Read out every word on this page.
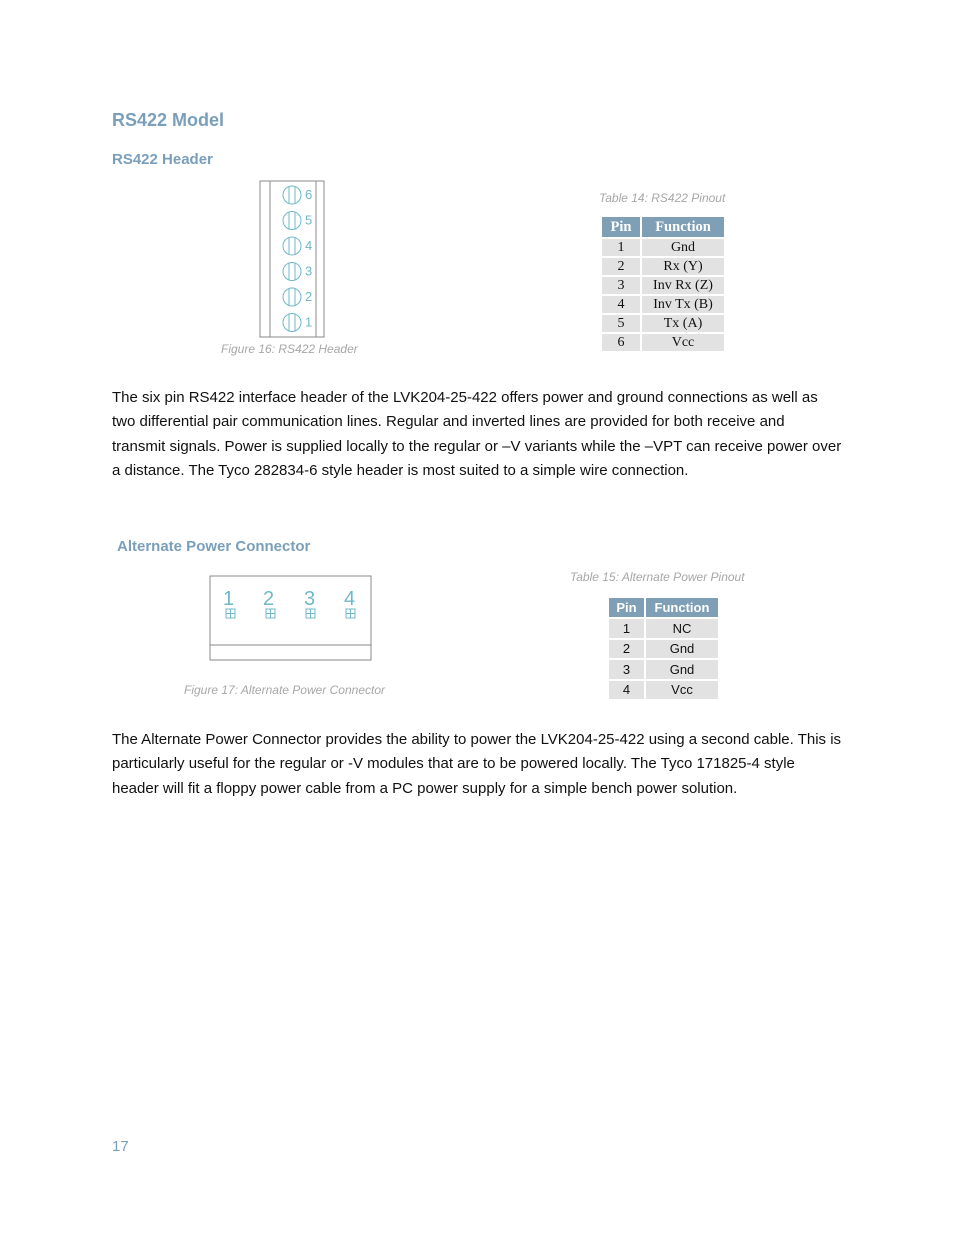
RS422 Model
RS422 Header
6
5
4
3
2
1
Figure 16: RS422 Header
Table 14: RS422 Pinout
Pin	Function
1	Gnd
2	Rx (Y)
3	Inv Rx (Z)
4	Inv Tx (B)
5	Tx (A)
6	Vcc

The six pin RS422 interface header of the LVK204-25-422 offers power and ground connections as well as two differential pair communication lines. Regular and inverted lines are provided for both receive and transmit signals. Power is supplied locally to the regular or –V variants while the –VPT can receive power over a distance. The Tyco 282834-6 style header is most suited to a simple wire connection.

Alternate Power Connector
1 2 3 4
Figure 17: Alternate Power Connector
Table 15: Alternate Power Pinout
Pin	Function
1	NC
2	Gnd
3	Gnd
4	Vcc

The Alternate Power Connector provides the ability to power the LVK204-25-422 using a second cable. This is particularly useful for the regular or -V modules that are to be powered locally. The Tyco 171825-4 style header will fit a floppy power cable from a PC power supply for a simple bench power solution.

17
